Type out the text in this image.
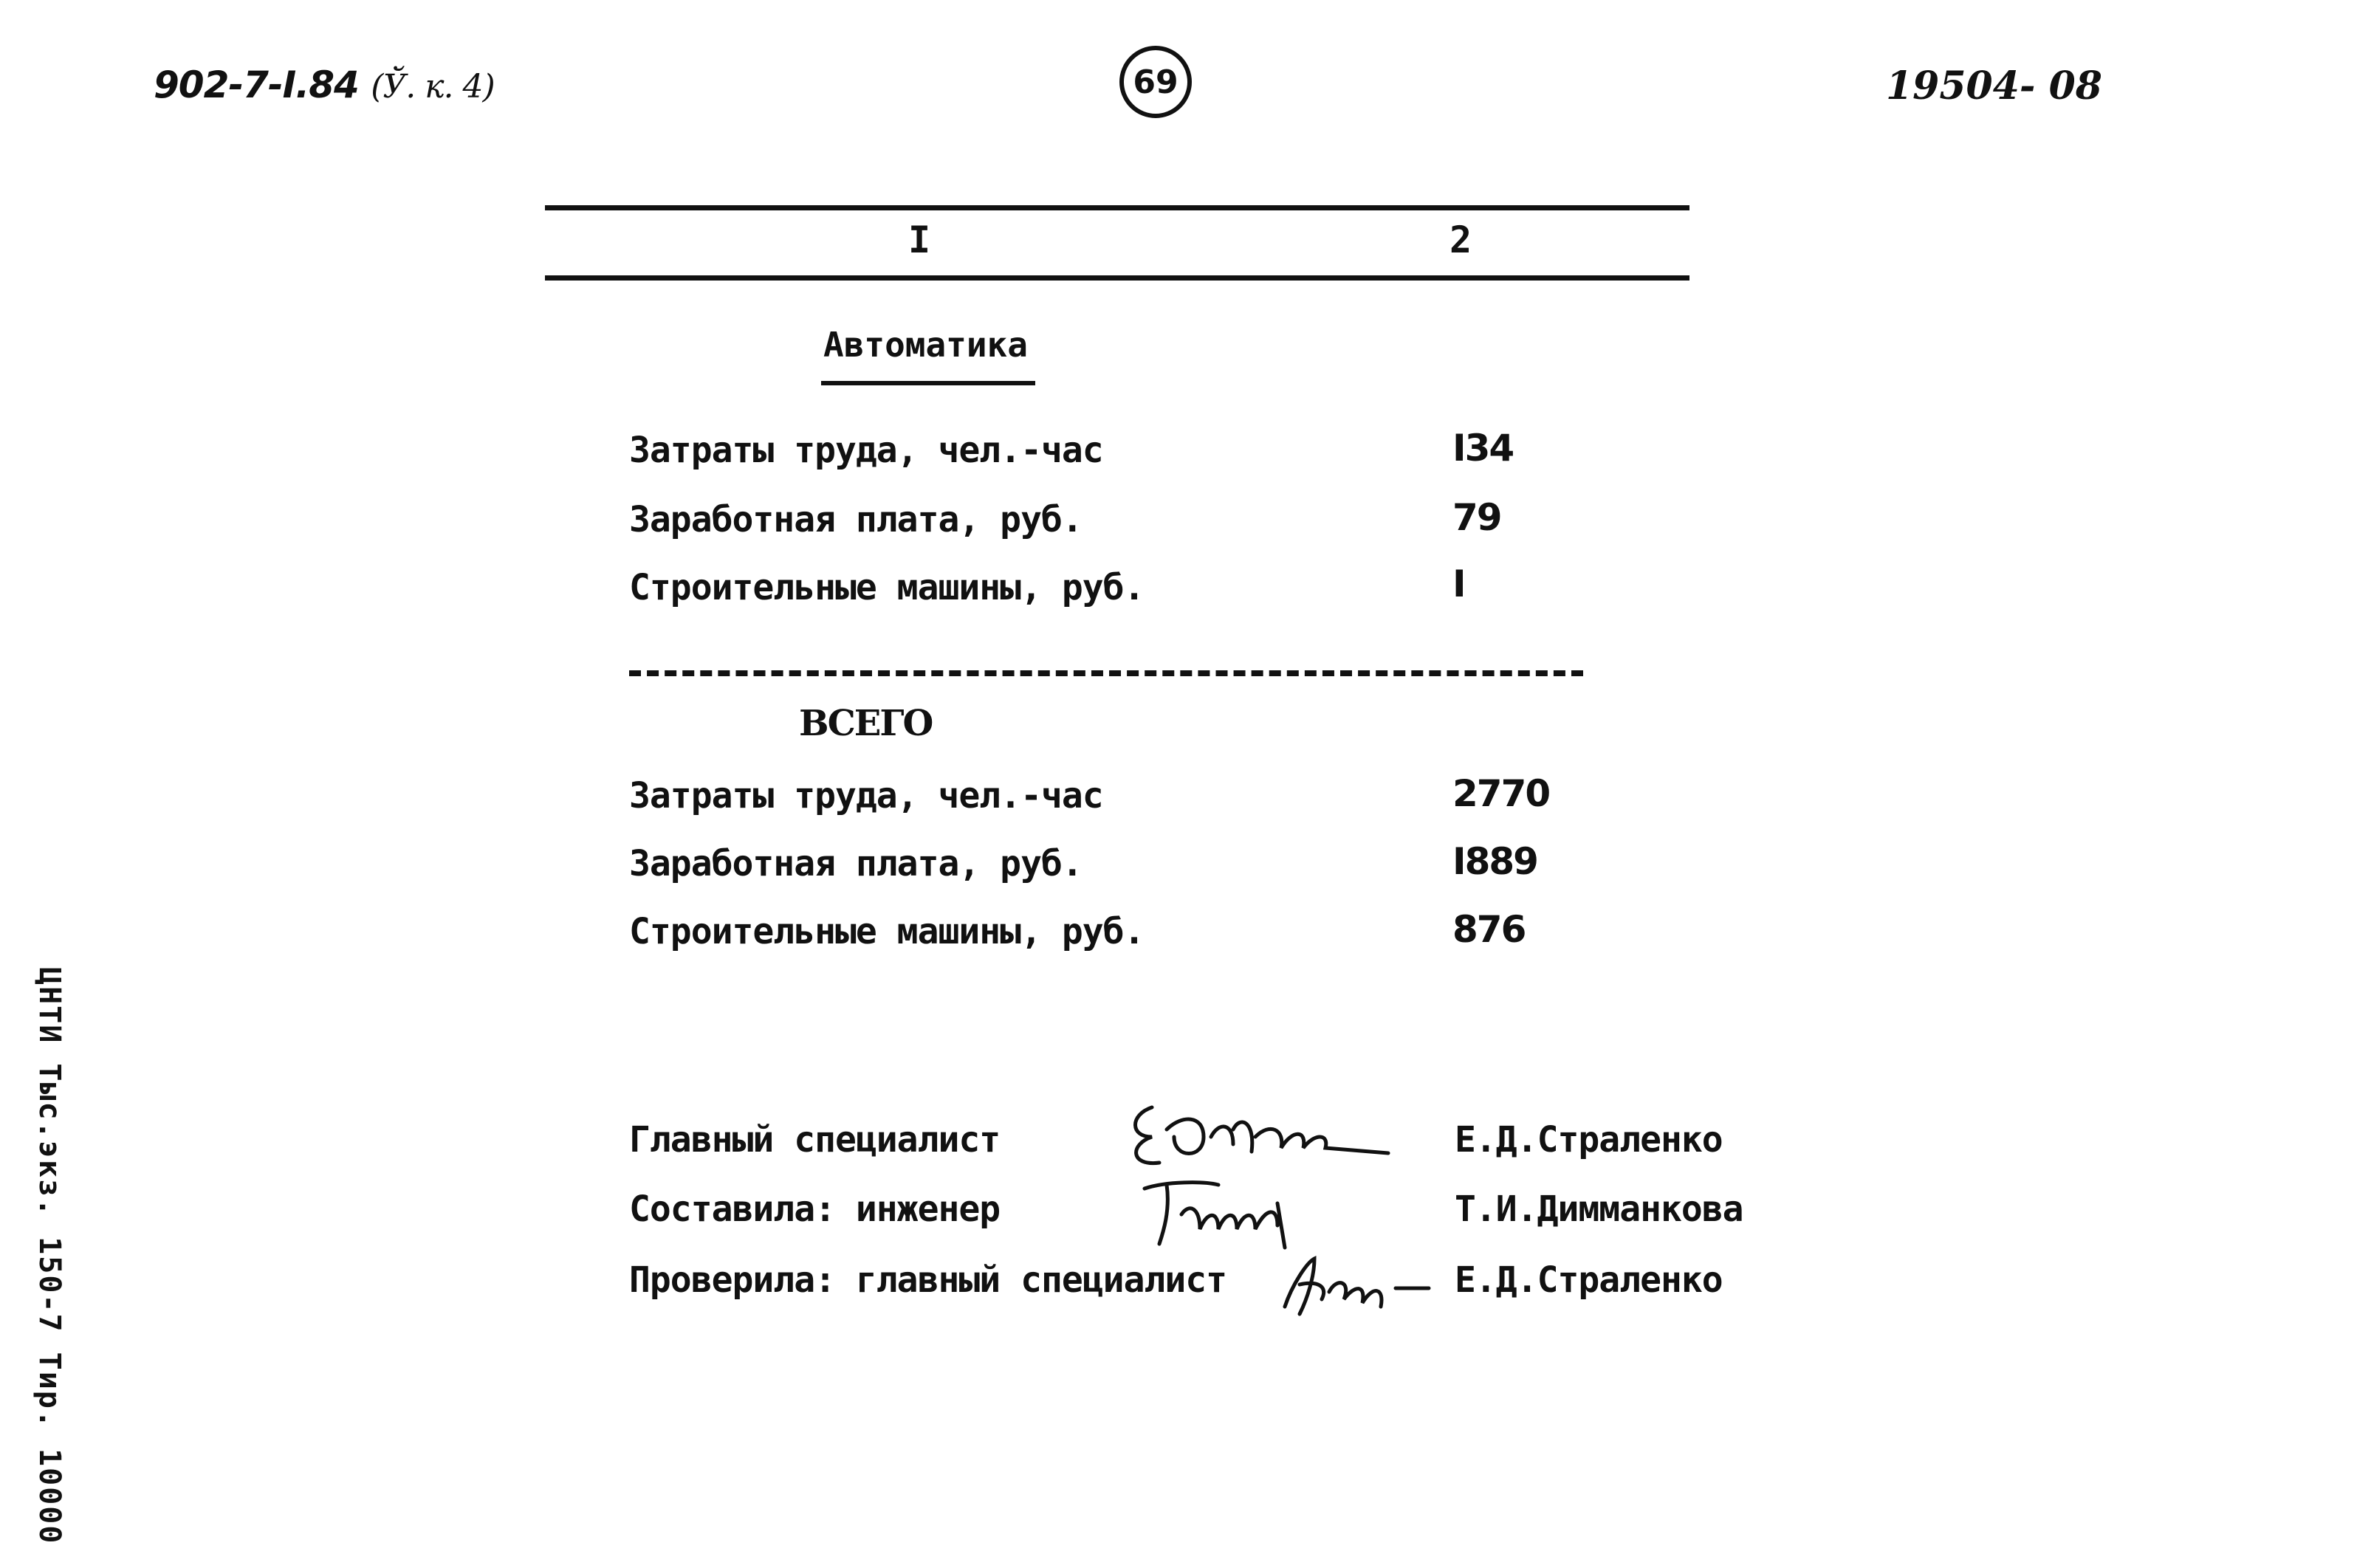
902-7-I.84 (Ў. к. 4)	69	19504- 08
I	2
Автоматика
Затраты труда, чел.-час	I34
Заработная плата, руб.	79
Строительные машины, руб.	I
ВСЕГО
Затраты труда, чел.-час	2770
Заработная плата, руб.	I889
Строительные машины, руб.	876
Главный специалист	Е.Д.Страленко
Составила: инженер	Т.И.Димманкова
Проверила: главный специалист	Е.Д.Страленко
ЦНТИ Тыс.экз. 150-7 Тир. 10000
